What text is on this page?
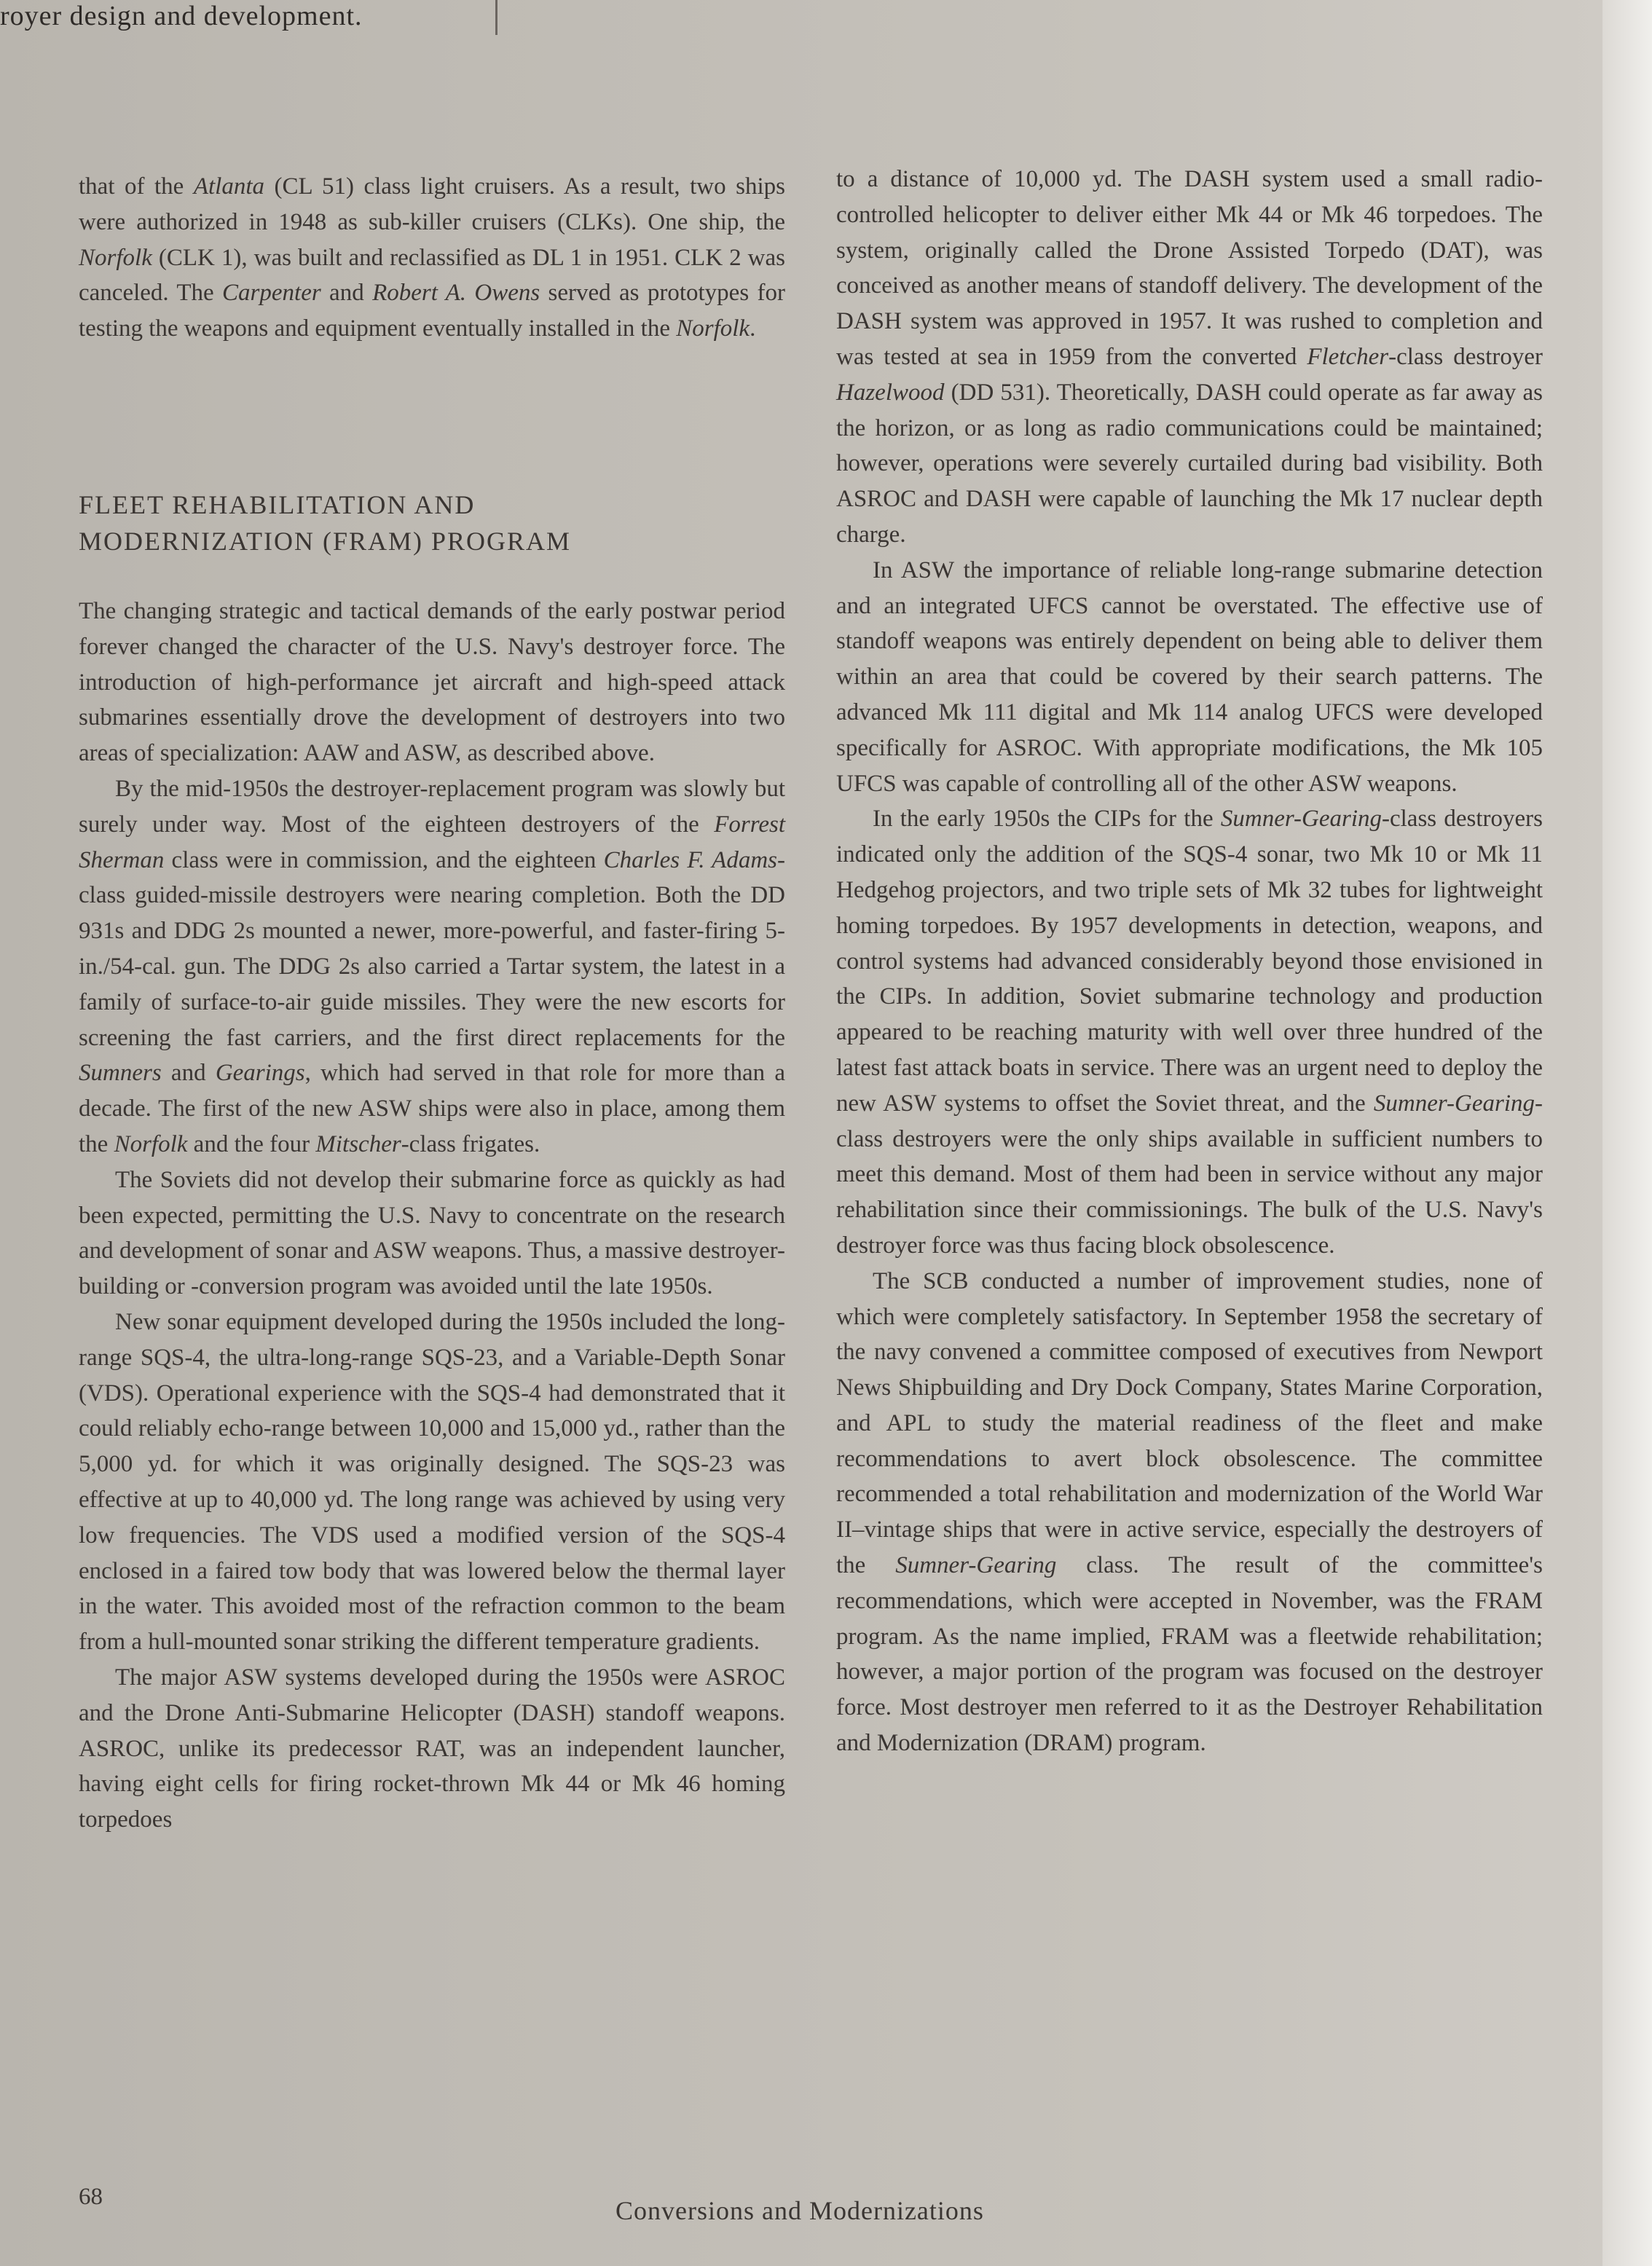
royer design and development.

that of the Atlanta (CL 51) class light cruisers. As a result, two ships were authorized in 1948 as sub-killer cruisers (CLKs). One ship, the Norfolk (CLK 1), was built and reclassified as DL 1 in 1951. CLK 2 was canceled. The Carpenter and Robert A. Owens served as prototypes for testing the weapons and equipment eventually installed in the Norfolk.

FLEET REHABILITATION AND
MODERNIZATION (FRAM) PROGRAM

The changing strategic and tactical demands of the early postwar period forever changed the character of the U.S. Navy's destroyer force. The introduction of high-performance jet aircraft and high-speed attack submarines essentially drove the development of destroyers into two areas of specialization: AAW and ASW, as described above.

By the mid-1950s the destroyer-replacement program was slowly but surely under way. Most of the eighteen destroyers of the Forrest Sherman class were in commission, and the eighteen Charles F. Adams-class guided-missile destroyers were nearing completion. Both the DD 931s and DDG 2s mounted a newer, more-powerful, and faster-firing 5-in./54-cal. gun. The DDG 2s also carried a Tartar system, the latest in a family of surface-to-air guide missiles. They were the new escorts for screening the fast carriers, and the first direct replacements for the Sumners and Gearings, which had served in that role for more than a decade. The first of the new ASW ships were also in place, among them the Norfolk and the four Mitscher-class frigates.

The Soviets did not develop their submarine force as quickly as had been expected, permitting the U.S. Navy to concentrate on the research and development of sonar and ASW weapons. Thus, a massive destroyer-building or -conversion program was avoided until the late 1950s.

New sonar equipment developed during the 1950s included the long-range SQS-4, the ultra-long-range SQS-23, and a Variable-Depth Sonar (VDS). Operational experience with the SQS-4 had demonstrated that it could reliably echo-range between 10,000 and 15,000 yd., rather than the 5,000 yd. for which it was originally designed. The SQS-23 was effective at up to 40,000 yd. The long range was achieved by using very low frequencies. The VDS used a modified version of the SQS-4 enclosed in a faired tow body that was lowered below the thermal layer in the water. This avoided most of the refraction common to the beam from a hull-mounted sonar striking the different temperature gradients.

The major ASW systems developed during the 1950s were ASROC and the Drone Anti-Submarine Helicopter (DASH) standoff weapons. ASROC, unlike its predecessor RAT, was an independent launcher, having eight cells for firing rocket-thrown Mk 44 or Mk 46 homing torpedoes

to a distance of 10,000 yd. The DASH system used a small radio-controlled helicopter to deliver either Mk 44 or Mk 46 torpedoes. The system, originally called the Drone Assisted Torpedo (DAT), was conceived as another means of standoff delivery. The development of the DASH system was approved in 1957. It was rushed to completion and was tested at sea in 1959 from the converted Fletcher-class destroyer Hazelwood (DD 531). Theoretically, DASH could operate as far away as the horizon, or as long as radio communications could be maintained; however, operations were severely curtailed during bad visibility. Both ASROC and DASH were capable of launching the Mk 17 nuclear depth charge.

In ASW the importance of reliable long-range submarine detection and an integrated UFCS cannot be overstated. The effective use of standoff weapons was entirely dependent on being able to deliver them within an area that could be covered by their search patterns. The advanced Mk 111 digital and Mk 114 analog UFCS were developed specifically for ASROC. With appropriate modifications, the Mk 105 UFCS was capable of controlling all of the other ASW weapons.

In the early 1950s the CIPs for the Sumner-Gearing-class destroyers indicated only the addition of the SQS-4 sonar, two Mk 10 or Mk 11 Hedgehog projectors, and two triple sets of Mk 32 tubes for lightweight homing torpedoes. By 1957 developments in detection, weapons, and control systems had advanced considerably beyond those envisioned in the CIPs. In addition, Soviet submarine technology and production appeared to be reaching maturity with well over three hundred of the latest fast attack boats in service. There was an urgent need to deploy the new ASW systems to offset the Soviet threat, and the Sumner-Gearing-class destroyers were the only ships available in sufficient numbers to meet this demand. Most of them had been in service without any major rehabilitation since their commissionings. The bulk of the U.S. Navy's destroyer force was thus facing block obsolescence.

The SCB conducted a number of improvement studies, none of which were completely satisfactory. In September 1958 the secretary of the navy convened a committee composed of executives from Newport News Shipbuilding and Dry Dock Company, States Marine Corporation, and APL to study the material readiness of the fleet and make recommendations to avert block obsolescence. The committee recommended a total rehabilitation and modernization of the World War II–vintage ships that were in active service, especially the destroyers of the Sumner-Gearing class. The result of the committee's recommendations, which were accepted in November, was the FRAM program. As the name implied, FRAM was a fleetwide rehabilitation; however, a major portion of the program was focused on the destroyer force. Most destroyer men referred to it as the Destroyer Rehabilitation and Modernization (DRAM) program.

68	Conversions and Modernizations
